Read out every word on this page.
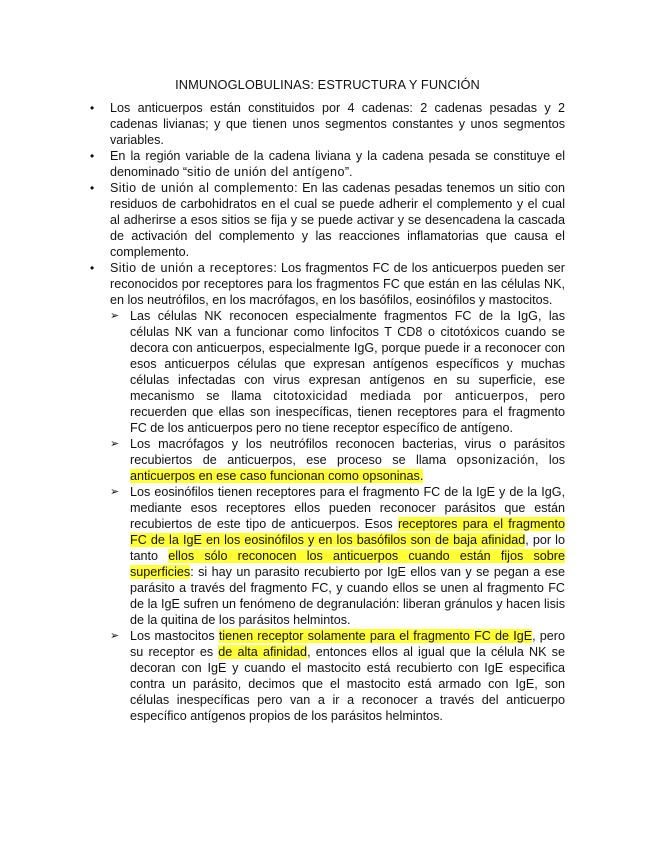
INMUNOGLOBULINAS: ESTRUCTURA Y FUNCIÓN
• Los anticuerpos están constituidos por 4 cadenas: 2 cadenas pesadas y 2 cadenas livianas; y que tienen unos segmentos constantes y unos segmentos variables.
• En la región variable de la cadena liviana y la cadena pesada se constituye el denominado “sitio de unión del antígeno”.
• Sitio de unión al complemento: En las cadenas pesadas tenemos un sitio con residuos de carbohidratos en el cual se puede adherir el complemento y el cual al adherirse a esos sitios se fija y se puede activar y se desencadena la cascada de activación del complemento y las reacciones inflamatorias que causa el complemento.
• Sitio de unión a receptores: Los fragmentos FC de los anticuerpos pueden ser reconocidos por receptores para los fragmentos FC que están en las células NK, en los neutrófilos, en los macrófagos, en los basófilos, eosinófilos y mastocitos.
➢ Las células NK reconocen especialmente fragmentos FC de la IgG, las células NK van a funcionar como linfocitos T CD8 o citotóxicos cuando se decora con anticuerpos, especialmente IgG, porque puede ir a reconocer con esos anticuerpos células que expresan antígenos específicos y muchas células infectadas con virus expresan antígenos en su superficie, ese mecanismo se llama citotoxicidad mediada por anticuerpos, pero recuerden que ellas son inespecíficas, tienen receptores para el fragmento FC de los anticuerpos pero no tiene receptor específico de antígeno.
➢ Los macrófagos y los neutrófilos reconocen bacterias, virus o parásitos recubiertos de anticuerpos, ese proceso se llama opsonización, los anticuerpos en ese caso funcionan como opsoninas.
➢ Los eosinófilos tienen receptores para el fragmento FC de la IgE y de la IgG, mediante esos receptores ellos pueden reconocer parásitos que están recubiertos de este tipo de anticuerpos. Esos receptores para el fragmento FC de la IgE en los eosinófilos y en los basófilos son de baja afinidad, por lo tanto ellos sólo reconocen los anticuerpos cuando están fijos sobre superficies: si hay un parasito recubierto por IgE ellos van y se pegan a ese parásito a través del fragmento FC, y cuando ellos se unen al fragmento FC de la IgE sufren un fenómeno de degranulación: liberan gránulos y hacen lisis de la quitina de los parásitos helmintos.
➢ Los mastocitos tienen receptor solamente para el fragmento FC de IgE, pero su receptor es de alta afinidad, entonces ellos al igual que la célula NK se decoran con IgE y cuando el mastocito está recubierto con IgE especifica contra un parásito, decimos que el mastocito está armado con IgE, son células inespecíficas pero van a ir a reconocer a través del anticuerpo específico antígenos propios de los parásitos helmintos.
